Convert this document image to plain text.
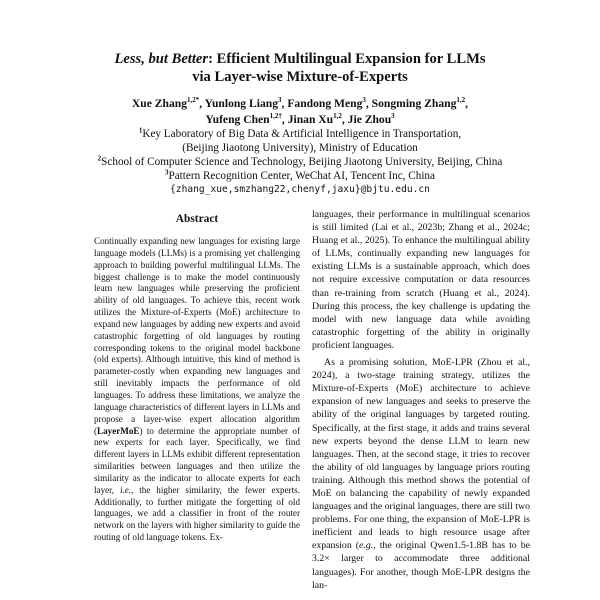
Less, but Better: Efficient Multilingual Expansion for LLMs
via Layer-wise Mixture-of-Experts
Xue Zhang$^{1,2*}$, Yunlong Liang$^3$, Fandong Meng$^3$, Songming Zhang$^{1,2}$,
Yufeng Chen$^{1,2\dagger}$, Jinan Xu$^{1,2}$, Jie Zhou$^3$
$^1$Key Laboratory of Big Data & Artificial Intelligence in Transportation,
(Beijing Jiaotong University), Ministry of Education
$^2$School of Computer Science and Technology, Beijing Jiaotong University, Beijing, China
$^3$Pattern Recognition Center, WeChat AI, Tencent Inc, China
{zhang_xue,smzhang22,chenyf,jaxu}@bjtu.edu.cn
Abstract

Continually expanding new languages for existing large language models (LLMs) is a promising yet challenging approach to building powerful multilingual LLMs. The biggest challenge is to make the model continuously learn new languages while preserving the proficient ability of old languages. To achieve this, recent work utilizes the Mixture-of-Experts (MoE) architecture to expand new languages by adding new experts and avoid catastrophic forgetting of old languages by routing corresponding tokens to the original model backbone (old experts). Although intuitive, this kind of method is parameter-costly when expanding new languages and still inevitably impacts the performance of old languages. To address these limitations, we analyze the language characteristics of different layers in LLMs and propose a layer-wise expert allocation algorithm (LayerMoE) to determine the appropriate number of new experts for each layer. Specifically, we find different layers in LLMs exhibit different representation similarities between languages and then utilize the similarity as the indicator to allocate experts for each layer, i.e., the higher similarity, the fewer experts. Additionally, to further mitigate the forgetting of old languages, we add a classifier in front of the router network on the layers with higher similarity to guide the routing of old language tokens. Ex-

languages, their performance in multilingual scenarios is still limited (Lai et al., 2023b; Zhang et al., 2024c; Huang et al., 2025). To enhance the multilingual ability of LLMs, continually expanding new languages for existing LLMs is a sustainable approach, which does not require excessive computation or data resources than re-training from scratch (Huang et al., 2024). During this process, the key challenge is updating the model with new language data while avoiding catastrophic forgetting of the ability in originally proficient languages.

As a promising solution, MoE-LPR (Zhou et al., 2024), a two-stage training strategy, utilizes the Mixture-of-Experts (MoE) architecture to achieve expansion of new languages and seeks to preserve the ability of the original languages by targeted routing. Specifically, at the first stage, it adds and trains several new experts beyond the dense LLM to learn new languages. Then, at the second stage, it tries to recover the ability of old languages by language priors routing training. Although this method shows the potential of MoE on balancing the capability of newly expanded languages and the original languages, there are still two problems. For one thing, the expansion of MoE-LPR is inefficient and leads to high resource usage after expansion (e.g., the original Qwen1.5-1.8B has to be 3.2× larger to accommodate three additional languages). For another, though MoE-LPR designs the lan-
